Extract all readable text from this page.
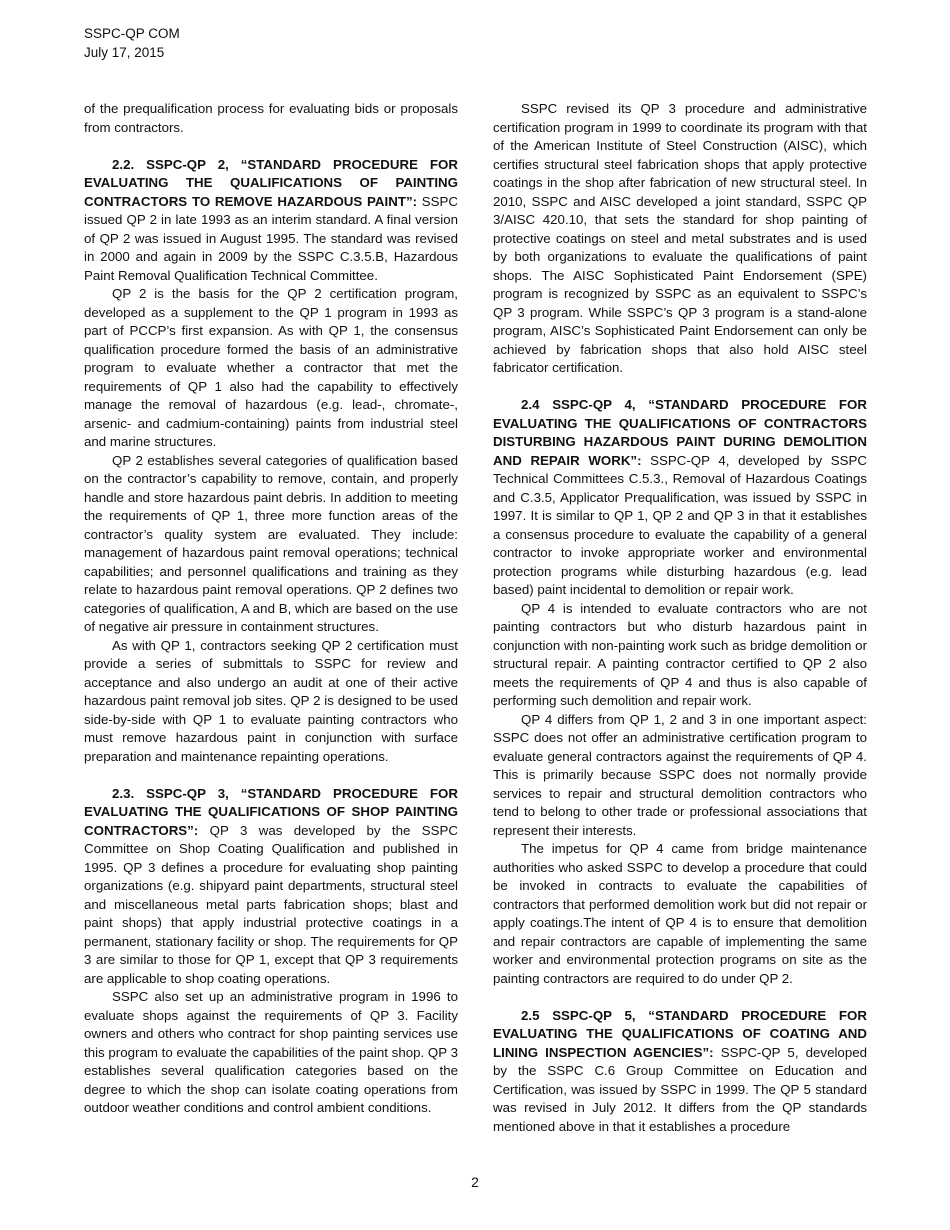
SSPC-QP COM
July 17, 2015

of the prequalification process for evaluating bids or proposals from contractors.

2.2. SSPC-QP 2, “STANDARD PROCEDURE FOR EVALUATING THE QUALIFICATIONS OF PAINTING CONTRACTORS TO REMOVE HAZARDOUS PAINT”: SSPC issued QP 2 in late 1993 as an interim standard. A final version of QP 2 was issued in August 1995. The standard was revised in 2000 and again in 2009 by the SSPC C.3.5.B, Hazardous Paint Removal Qualification Technical Committee.

QP 2 is the basis for the QP 2 certification program, developed as a supplement to the QP 1 program in 1993 as part of PCCP’s first expansion. As with QP 1, the consensus qualification procedure formed the basis of an administrative program to evaluate whether a contractor that met the requirements of QP 1 also had the capability to effectively manage the removal of hazardous (e.g. lead-, chromate-, arsenic- and cadmium-containing) paints from industrial steel and marine structures.

QP 2 establishes several categories of qualification based on the contractor’s capability to remove, contain, and properly handle and store hazardous paint debris. In addition to meeting the requirements of QP 1, three more function areas of the contractor’s quality system are evaluated. They include: management of hazardous paint removal operations; technical capabilities; and personnel qualifications and training as they relate to hazardous paint removal operations. QP 2 defines two categories of qualification, A and B, which are based on the use of negative air pressure in containment structures.

As with QP 1, contractors seeking QP 2 certification must provide a series of submittals to SSPC for review and acceptance and also undergo an audit at one of their active hazardous paint removal job sites. QP 2 is designed to be used side-by-side with QP 1 to evaluate painting contractors who must remove hazardous paint in conjunction with surface preparation and maintenance repainting operations.

2.3. SSPC-QP 3, “STANDARD PROCEDURE FOR EVALUATING THE QUALIFICATIONS OF SHOP PAINTING CONTRACTORS”: QP 3 was developed by the SSPC Committee on Shop Coating Qualification and published in 1995. QP 3 defines a procedure for evaluating shop painting organizations (e.g. shipyard paint departments, structural steel and miscellaneous metal parts fabrication shops; blast and paint shops) that apply industrial protective coatings in a permanent, stationary facility or shop. The requirements for QP 3 are similar to those for QP 1, except that QP 3 requirements are applicable to shop coating operations.

SSPC also set up an administrative program in 1996 to evaluate shops against the requirements of QP 3. Facility owners and others who contract for shop painting services use this program to evaluate the capabilities of the paint shop. QP 3 establishes several qualification categories based on the degree to which the shop can isolate coating operations from outdoor weather conditions and control ambient conditions.

SSPC revised its QP 3 procedure and administrative certification program in 1999 to coordinate its program with that of the American Institute of Steel Construction (AISC), which certifies structural steel fabrication shops that apply protective coatings in the shop after fabrication of new structural steel. In 2010, SSPC and AISC developed a joint standard, SSPC QP 3/AISC 420.10, that sets the standard for shop painting of protective coatings on steel and metal substrates and is used by both organizations to evaluate the qualifications of paint shops. The AISC Sophisticated Paint Endorsement (SPE) program is recognized by SSPC as an equivalent to SSPC’s QP 3 program. While SSPC’s QP 3 program is a stand-alone program, AISC’s Sophisticated Paint Endorsement can only be achieved by fabrication shops that also hold AISC steel fabricator certification.

2.4 SSPC-QP 4, “STANDARD PROCEDURE FOR EVALUATING THE QUALIFICATIONS OF CONTRACTORS DISTURBING HAZARDOUS PAINT DURING DEMOLITION AND REPAIR WORK”: SSPC-QP 4, developed by SSPC Technical Committees C.5.3., Removal of Hazardous Coatings and C.3.5, Applicator Prequalification, was issued by SSPC in 1997. It is similar to QP 1, QP 2 and QP 3 in that it establishes a consensus procedure to evaluate the capability of a general contractor to invoke appropriate worker and environmental protection programs while disturbing hazardous (e.g. lead based) paint incidental to demolition or repair work.

QP 4 is intended to evaluate contractors who are not painting contractors but who disturb hazardous paint in conjunction with non-painting work such as bridge demolition or structural repair. A painting contractor certified to QP 2 also meets the requirements of QP 4 and thus is also capable of performing such demolition and repair work.

QP 4 differs from QP 1, 2 and 3 in one important aspect: SSPC does not offer an administrative certification program to evaluate general contractors against the requirements of QP 4. This is primarily because SSPC does not normally provide services to repair and structural demolition contractors who tend to belong to other trade or professional associations that represent their interests.

The impetus for QP 4 came from bridge maintenance authorities who asked SSPC to develop a procedure that could be invoked in contracts to evaluate the capabilities of contractors that performed demolition work but did not repair or apply coatings.The intent of QP 4 is to ensure that demolition and repair contractors are capable of implementing the same worker and environmental protection programs on site as the painting contractors are required to do under QP 2.

2.5 SSPC-QP 5, “STANDARD PROCEDURE FOR EVALUATING THE QUALIFICATIONS OF COATING AND LINING INSPECTION AGENCIES”: SSPC-QP 5, developed by the SSPC C.6 Group Committee on Education and Certification, was issued by SSPC in 1999. The QP 5 standard was revised in July 2012. It differs from the QP standards mentioned above in that it establishes a procedure

2
